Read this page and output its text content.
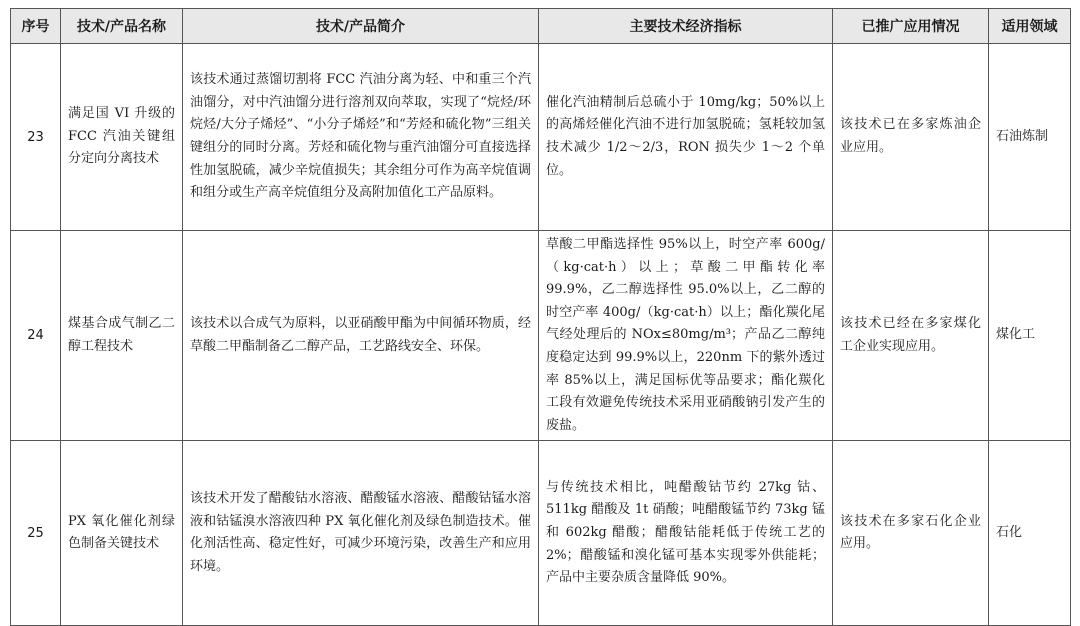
序号	技术/产品名称	技术/产品简介	主要技术经济指标	已推广应用情况	适用领域
23	满足国 VI 升级的 FCC 汽油关键组分定向分离技术	该技术通过蒸馏切割将 FCC 汽油分离为轻、中和重三个汽油馏分，对中汽油馏分进行溶剂双向萃取，实现了“烷烃/环烷烃/大分子烯烃”、“小分子烯烃”和“芳烃和硫化物”三组关键组分的同时分离。芳烃和硫化物与重汽油馏分可直接选择性加氢脱硫，减少辛烷值损失；其余组分可作为高辛烷值调和组分或生产高辛烷值组分及高附加值化工产品原料。	催化汽油精制后总硫小于 10mg/kg；50%以上的高烯烃催化汽油不进行加氢脱硫；氢耗较加氢技术减少 1/2～2/3，RON 损失少 1～2 个单位。	该技术已在多家炼油企业应用。	石油炼制

24	煤基合成气制乙二醇工程技术	该技术以合成气为原料，以亚硝酸甲酯为中间循环物质，经草酸二甲酯制备乙二醇产品，工艺路线安全、环保。	草酸二甲酯选择性 95%以上，时空产率 600g/（kg·cat·h）以上；草酸二甲酯转化率 99.9%，乙二醇选择性 95.0%以上，乙二醇的时空产率 400g/（kg·cat·h）以上；酯化羰化尾气经处理后的 NOx≤80mg/m³；产品乙二醇纯度稳定达到 99.9%以上，220nm 下的紫外透过率 85%以上，满足国标优等品要求；酯化羰化工段有效避免传统技术采用亚硝酸钠引发产生的废盐。	该技术已经在多家煤化工企业实现应用。	煤化工

25	PX 氧化催化剂绿色制备关键技术	该技术开发了醋酸钴水溶液、醋酸锰水溶液、醋酸钴锰水溶液和钴锰溴水溶液四种 PX 氧化催化剂及绿色制造技术。催化剂活性高、稳定性好，可减少环境污染，改善生产和应用环境。	与传统技术相比，吨醋酸钴节约 27kg 钴、511kg 醋酸及 1t 硝酸；吨醋酸锰节约 73kg 锰和 602kg 醋酸；醋酸钴能耗低于传统工艺的 2%；醋酸锰和溴化锰可基本实现零外供能耗；产品中主要杂质含量降低 90%。	该技术在多家石化企业应用。	石化
